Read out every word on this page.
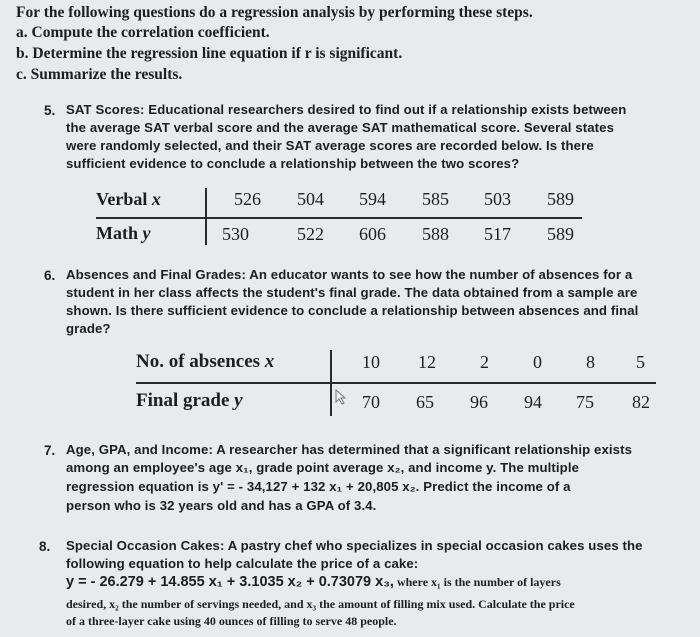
For the following questions do a regression analysis by performing these steps.
a. Compute the correlation coefficient.
b. Determine the regression line equation if r is significant.
c. Summarize the results.
5. SAT Scores: Educational researchers desired to find out if a relationship exists between
the average SAT verbal score and the average SAT mathematical score. Several states
were randomly selected, and their SAT average scores are recorded below. Is there
sufficient evidence to conclude a relationship between the two scores?
Verbal x
Math y
526 504 594 585 503 589
530	522 606 588 517 589
6. Absences and Final Grades: An educator wants to see how the number of absences for a
student in her class affects the student's final grade. The data obtained from a sample are
shown. Is there sufficient evidence to conclude a relationship between absences and final
grade?
No. of absences x
Final grade y
10 12 2 0 8 5
70 65 96 94 75 82
7. Age, GPA, and Income: A researcher has determined that a significant relationship exists
among an employee's age x₁, grade point average x₂, and income y. The multiple
regression equation is y' = - 34,127 + 132 x₁ + 20,805 x₂. Predict the income of a
person who is 32 years old and has a GPA of 3.4.
8. Special Occasion Cakes: A pastry chef who specializes in special occasion cakes uses the
following equation to help calculate the price of a cake:
y = - 26.279 + 14.855 x₁ + 3.1035 x₂ + 0.73079 x₃, where x₁ is the number of layers
desired, x₂ the number of servings needed, and x₃ the amount of filling mix used. Calculate the price
of a three-layer cake using 40 ounces of filling to serve 48 people.
